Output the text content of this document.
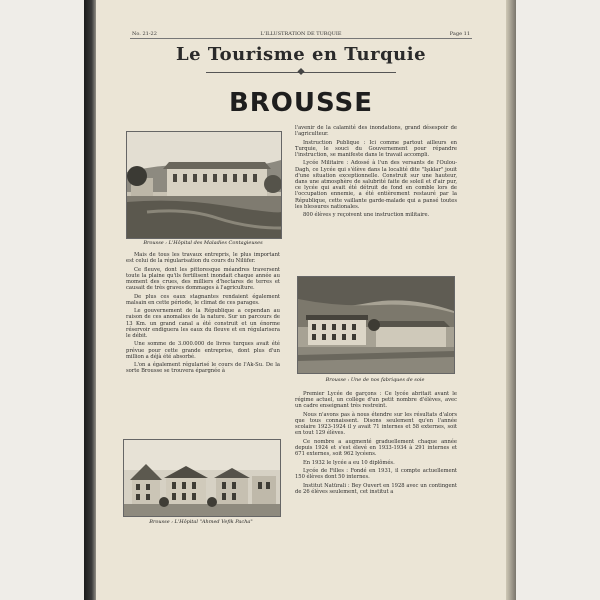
No. 21-22	L'ILLUSTRATION DE TURQUIE	Page 11
Le Tourisme en Turquie
BROUSSE
Brousse : L'Hôpital des Maladies Contagieuses

Mais de tous les travaux entrepris, le plus important est celui de la régularisation du cours du Nilüfer.

Ce fleuve, dont les pittoresque méandres traversent toute la plaine qu'ils fertilisent inondait chaque année au moment des crues, des milliers d'hectares de terres et causait de très graves dommages à l'agriculture.

De plus ces eaux stagnantes rendaient également malsain en cette période, le climat de ces parages.

Le gouvernement de la République a cependan au raison de ces anomalies de la nature. Sur un parcours de 13 Km. un grand canal a été construit et un énorme réservoir endiguera les eaux du fleuve et en régularisera le débit.

Une somme de 3.000.000 de livres turques avait été prévue pour cette grande entreprise, dont plus d'un million a déjà été absorbé.

L'on a également régularisé le cours de l'Ak-Su. De la sorte Brousse se trouvera épargnée à

Brousse : L'Hôpital "Ahmed Vefik Pacha"

l'avenir de la calamité des inondations, grand désespoir de l'agriculteur.

Instruction Publique : Ici comme partout ailleurs en Turquie, le souci du Gouvernement pour répandre l'instruction, se manifeste dans le travail accompli.

Lycée Militaire : Adossé à l'un des versants de l'Oulou-Dagh, ce Lycée qui s'élève dans la localité dite "Işıklar" jouit d'une situation exceptionnelle. Construit sur une hauteur, dans une atmosphère de salubrité faite de soleil et d'air pur, ce lycée qui avait été détruit de fond en comble lors de l'occupation ennemie, a été entièrement restauré par la République, cette vaillante garde-malade qui a pansé toutes les blessures nationales.

800 élèves y reçoivent une instruction militaire.

Brousse : Une de nos fabriques de soie

Premier Lycée de garçons : Ce lycée abritait avant le régime actuel, un collège d'un petit nombre d'élèves, avec un cadre enseignant très restreint.

Nous n'avons pas à nous étendre sur les résultats d'alors que tous connaissent. Disons seulement qu'en l'année scolaire 1923-1924 il y avait 71 internes et 58 externes, soit en tout 129 élèves.

Ce nombre a augmenté graduellement chaque année depuis 1924 et s'est élevé en 1933-1934 à 291 internes et 671 externes, soit 962 lycéens.

En 1932 le lycée a eu 10 diplômés.

Lycée de Filles : Fondé en 1931, il compte actuellement 150 élèves dont 50 internes.

Institut Natürali : Bey Ouvert en 1928 avec un contingent de 26 élèves seulement, cet institut a
